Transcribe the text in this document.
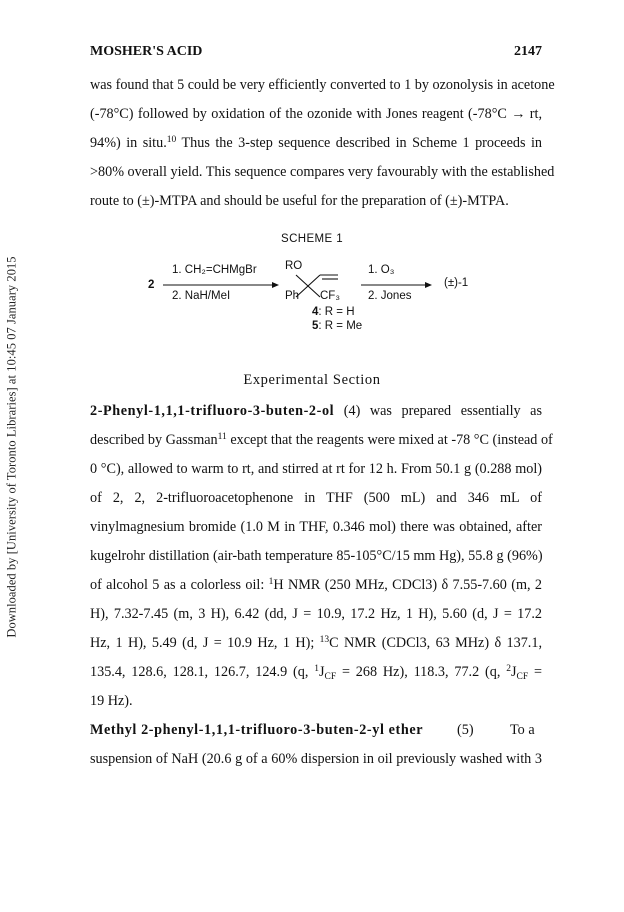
MOSHER'S ACID	2147
Downloaded by [University of Toronto Libraries] at 10:45 07 January 2015
was found that 5 could be very efficiently converted to 1 by ozonolysis in acetone
(-78°C) followed by oxidation of the ozonide with Jones reagent (-78°C → rt,
94%) in situ.$^{10}$ Thus the 3-step sequence described in Scheme 1 proceeds in
>80% overall yield. This sequence compares very favourably with the established
route to (±)-MTPA and should be useful for the preparation of (±)-MTPA.
SCHEME 1
2
1. CH₂=CHMgBr
2. NaH/MeI
RO
Ph CF₃
1. O₃
2. Jones
(±)-1
4: R = H
5: R = Me
Experimental Section
2-Phenyl-1,1,1-trifluoro-3-buten-2-ol (4) was prepared essentially as
described by Gassman$^{11}$ except that the reagents were mixed at -78 °C (instead of
0 °C), allowed to warm to rt, and stirred at rt for 12 h. From 50.1 g (0.288 mol)
of 2, 2, 2-trifluoroacetophenone in THF (500 mL) and 346 mL of
vinylmagnesium bromide (1.0 M in THF, 0.346 mol) there was obtained, after
kugelrohr distillation (air-bath temperature 85-105°C/15 mm Hg), 55.8 g (96%)
of alcohol 5 as a colorless oil: $^1$H NMR (250 MHz, CDCl3) δ 7.55-7.60 (m, 2
H), 7.32-7.45 (m, 3 H), 6.42 (dd, J = 10.9, 17.2 Hz, 1 H), 5.60 (d, J = 17.2
Hz, 1 H), 5.49 (d, J = 10.9 Hz, 1 H); $^{13}$C NMR (CDCl3, 63 MHz) δ 137.1,
135.4, 128.6, 128.1, 126.7, 124.9 (q, $^1J_{CF} = 268$ Hz), 118.3, 77.2 (q, $^2J_{CF}$ =
19 Hz).
Methyl 2-phenyl-1,1,1-trifluoro-3-buten-2-yl ether (5)	To a
suspension of NaH (20.6 g of a 60% dispersion in oil previously washed with 3
